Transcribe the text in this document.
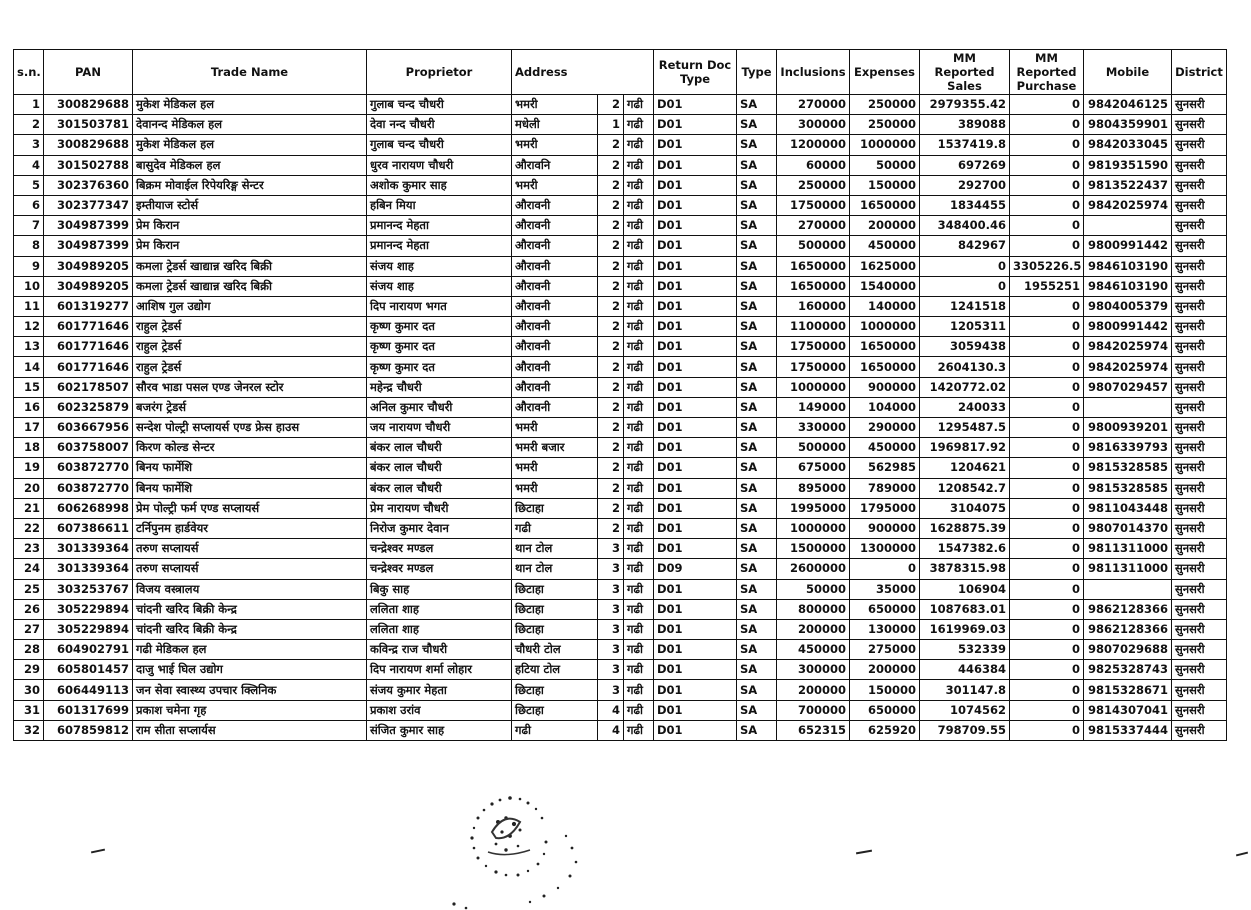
s.n.	PAN	Trade Name	Proprietor	Address			Return Doc Type	Type	Inclusions	Expenses	MM Reported Sales	MM Reported Purchase	Mobile	District
1	300829688	मुकेश मेडिकल हल	गुलाब चन्द चौधरी	भमरी	2	गढी	D01	SA	270000	250000	2979355.42	0	9842046125	सुनसरी
2	301503781	देवानन्द मेडिकल हल	देवा नन्द चौधरी	मधेली	1	गढी	D01	SA	300000	250000	389088	0	9804359901	सुनसरी
3	300829688	मुकेश मेडिकल हल	गुलाब चन्द चौधरी	भमरी	2	गढी	D01	SA	1200000	1000000	1537419.8	0	9842033045	सुनसरी
4	301502788	बासुदेव मेडिकल हल	धुरव नारायण चौधरी	औरावनि	2	गढी	D01	SA	60000	50000	697269	0	9819351590	सुनसरी
5	302376360	बिक्रम मोवाईल रिपेयरिङ्ग सेन्टर	अशोक कुमार साह	भमरी	2	गढी	D01	SA	250000	150000	292700	0	9813522437	सुनसरी
6	302377347	इम्तीयाज स्टोर्स	हबिन मिया	औरावनी	2	गढी	D01	SA	1750000	1650000	1834455	0	9842025974	सुनसरी
7	304987399	प्रेम किरान	प्रमानन्द मेहता	औरावनी	2	गढी	D01	SA	270000	200000	348400.46	0		सुनसरी
8	304987399	प्रेम किरान	प्रमानन्द मेहता	औरावनी	2	गढी	D01	SA	500000	450000	842967	0	9800991442	सुनसरी
9	304989205	कमला ट्रेडर्स खाद्यान्न खरिद बिक्री	संजय शाह	औरावनी	2	गढी	D01	SA	1650000	1625000	0	3305226.5	9846103190	सुनसरी
10	304989205	कमला ट्रेडर्स खाद्यान्न खरिद बिक्री	संजय शाह	औरावनी	2	गढी	D01	SA	1650000	1540000	0	1955251	9846103190	सुनसरी
11	601319277	आशिष गुल उद्योग	दिप नारायण भगत	औरावनी	2	गढी	D01	SA	160000	140000	1241518	0	9804005379	सुनसरी
12	601771646	राहुल ट्रेडर्स	कृष्ण कुमार दत	औरावनी	2	गढी	D01	SA	1100000	1000000	1205311	0	9800991442	सुनसरी
13	601771646	राहुल ट्रेडर्स	कृष्ण कुमार दत	औरावनी	2	गढी	D01	SA	1750000	1650000	3059438	0	9842025974	सुनसरी
14	601771646	राहुल ट्रेडर्स	कृष्ण कुमार दत	औरावनी	2	गढी	D01	SA	1750000	1650000	2604130.3	0	9842025974	सुनसरी
15	602178507	सौरव भाडा पसल एण्ड जेनरल स्टोर	महेन्द्र चौधरी	औरावनी	2	गढी	D01	SA	1000000	900000	1420772.02	0	9807029457	सुनसरी
16	602325879	बजरंग ट्रेडर्स	अनिल कुमार चौधरी	औरावनी	2	गढी	D01	SA	149000	104000	240033	0		सुनसरी
17	603667956	सन्देश पोल्ट्री सप्लायर्स एण्ड फ्रेस हाउस	जय नारायण चौधरी	भमरी	2	गढी	D01	SA	330000	290000	1295487.5	0	9800939201	सुनसरी
18	603758007	किरण कोल्ड सेन्टर	बंकर लाल चौधरी	भमरी बजार	2	गढी	D01	SA	500000	450000	1969817.92	0	9816339793	सुनसरी
19	603872770	बिनय फार्मेशि	बंकर लाल चौधरी	भमरी	2	गढी	D01	SA	675000	562985	1204621	0	9815328585	सुनसरी
20	603872770	बिनय फार्मेशि	बंकर लाल चौधरी	भमरी	2	गढी	D01	SA	895000	789000	1208542.7	0	9815328585	सुनसरी
21	606268998	प्रेम पोल्ट्री फर्म एण्ड सप्लायर्स	प्रेम नारायण चौधरी	छिटाहा	2	गढी	D01	SA	1995000	1795000	3104075	0	9811043448	सुनसरी
22	607386611	टर्निपुनम हार्डवेयर	निरोज कुमार देवान	गढी	2	गढी	D01	SA	1000000	900000	1628875.39	0	9807014370	सुनसरी
23	301339364	तरुण सप्लायर्स	चन्द्रेश्वर मण्डल	थान टोल	3	गढी	D01	SA	1500000	1300000	1547382.6	0	9811311000	सुनसरी
24	301339364	तरुण सप्लायर्स	चन्द्रेश्वर मण्डल	थान टोल	3	गढी	D09	SA	2600000	0	3878315.98	0	9811311000	सुनसरी
25	303253767	विजय वस्त्रालय	बिकु साह	छिटाहा	3	गढी	D01	SA	50000	35000	106904	0		सुनसरी
26	305229894	चांदनी खरिद बिक्री केन्द्र	ललिता शाह	छिटाहा	3	गढी	D01	SA	800000	650000	1087683.01	0	9862128366	सुनसरी
27	305229894	चांदनी खरिद बिक्री केन्द्र	ललिता शाह	छिटाहा	3	गढी	D01	SA	200000	130000	1619969.03	0	9862128366	सुनसरी
28	604902791	गढी मेडिकल हल	कविन्द्र राज चौधरी	चौधरी टोल	3	गढी	D01	SA	450000	275000	532339	0	9807029688	सुनसरी
29	605801457	दाजु भाई घिल उद्योग	दिप नारायण शर्मा लोहार	हटिया टोल	3	गढी	D01	SA	300000	200000	446384	0	9825328743	सुनसरी
30	606449113	जन सेवा स्वास्थ्य उपचार क्लिनिक	संजय कुमार मेहता	छिटाहा	3	गढी	D01	SA	200000	150000	301147.8	0	9815328671	सुनसरी
31	601317699	प्रकाश चमेना गृह	प्रकाश उरांव	छिटाहा	4	गढी	D01	SA	700000	650000	1074562	0	9814307041	सुनसरी
32	607859812	राम सीता सप्लार्यस	संजित कुमार साह	गढी	4	गढी	D01	SA	652315	625920	798709.55	0	9815337444	सुनसरी
